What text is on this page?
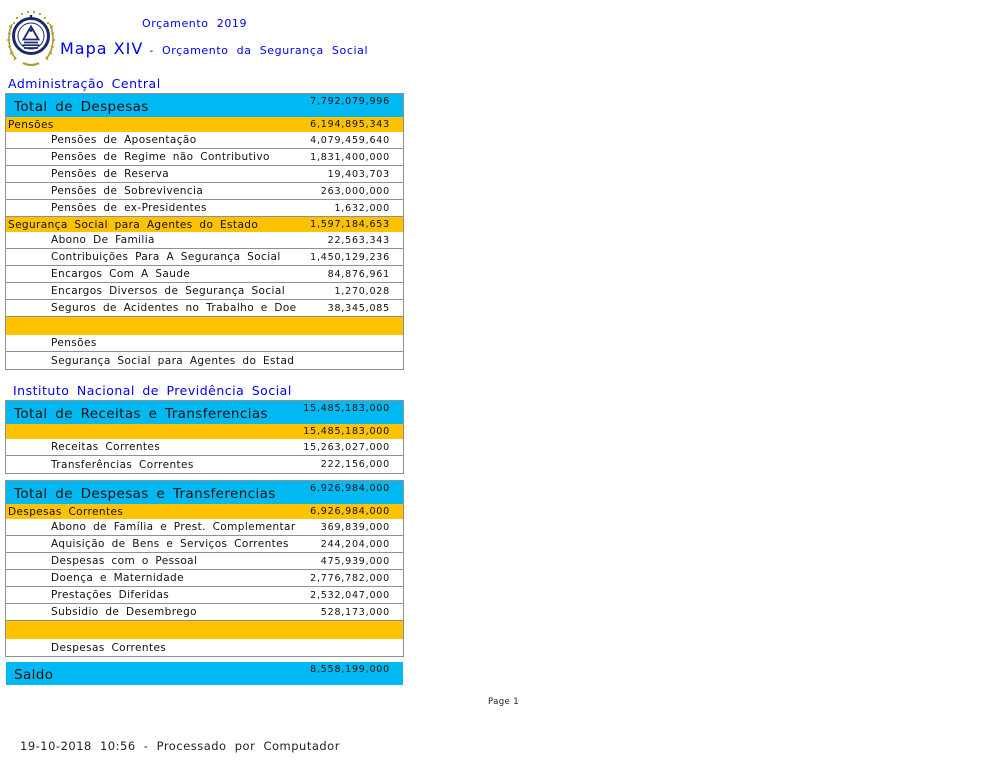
Orçamento 2019
Mapa XIV - Orçamento da Segurança Social
Administração Central
Total de Despesas	7,792,079,996
Pensões	6,194,895,343
Pensões de Aposentação	4,079,459,640
Pensões de Regime não Contributivo	1,831,400,000
Pensões de Reserva	19,403,703
Pensões de Sobrevivencia	263,000,000
Pensões de ex-Presidentes	1,632,000
Segurança Social para Agentes do Estado	1,597,184,653
Abono De Familia	22,563,343
Contribuições Para A Segurança Social	1,450,129,236
Encargos Com A Saude	84,876,961
Encargos Diversos de Segurança Social	1,270,028
Seguros de Acidentes no Trabalho e Doe	38,345,085
Pensões
Segurança Social para Agentes do Estad
Instituto Nacional de Previdência Social
Total de Receitas e Transferencias	15,485,183,000
15,485,183,000
Receitas Correntes	15,263,027,000
Transferências Correntes	222,156,000
Total de Despesas e Transferencias	6,926,984,000
Despesas Correntes	6,926,984,000
Abono de Família e Prest. Complementar	369,839,000
Aquisição de Bens e Serviços Correntes	244,204,000
Despesas com o Pessoal	475,939,000
Doença e Maternidade	2,776,782,000
Prestações Diferidas	2,532,047,000
Subsidio de Desembrego	528,173,000
Despesas Correntes
Saldo	8,558,199,000
Page 1
19-10-2018 10:56 - Processado por Computador
